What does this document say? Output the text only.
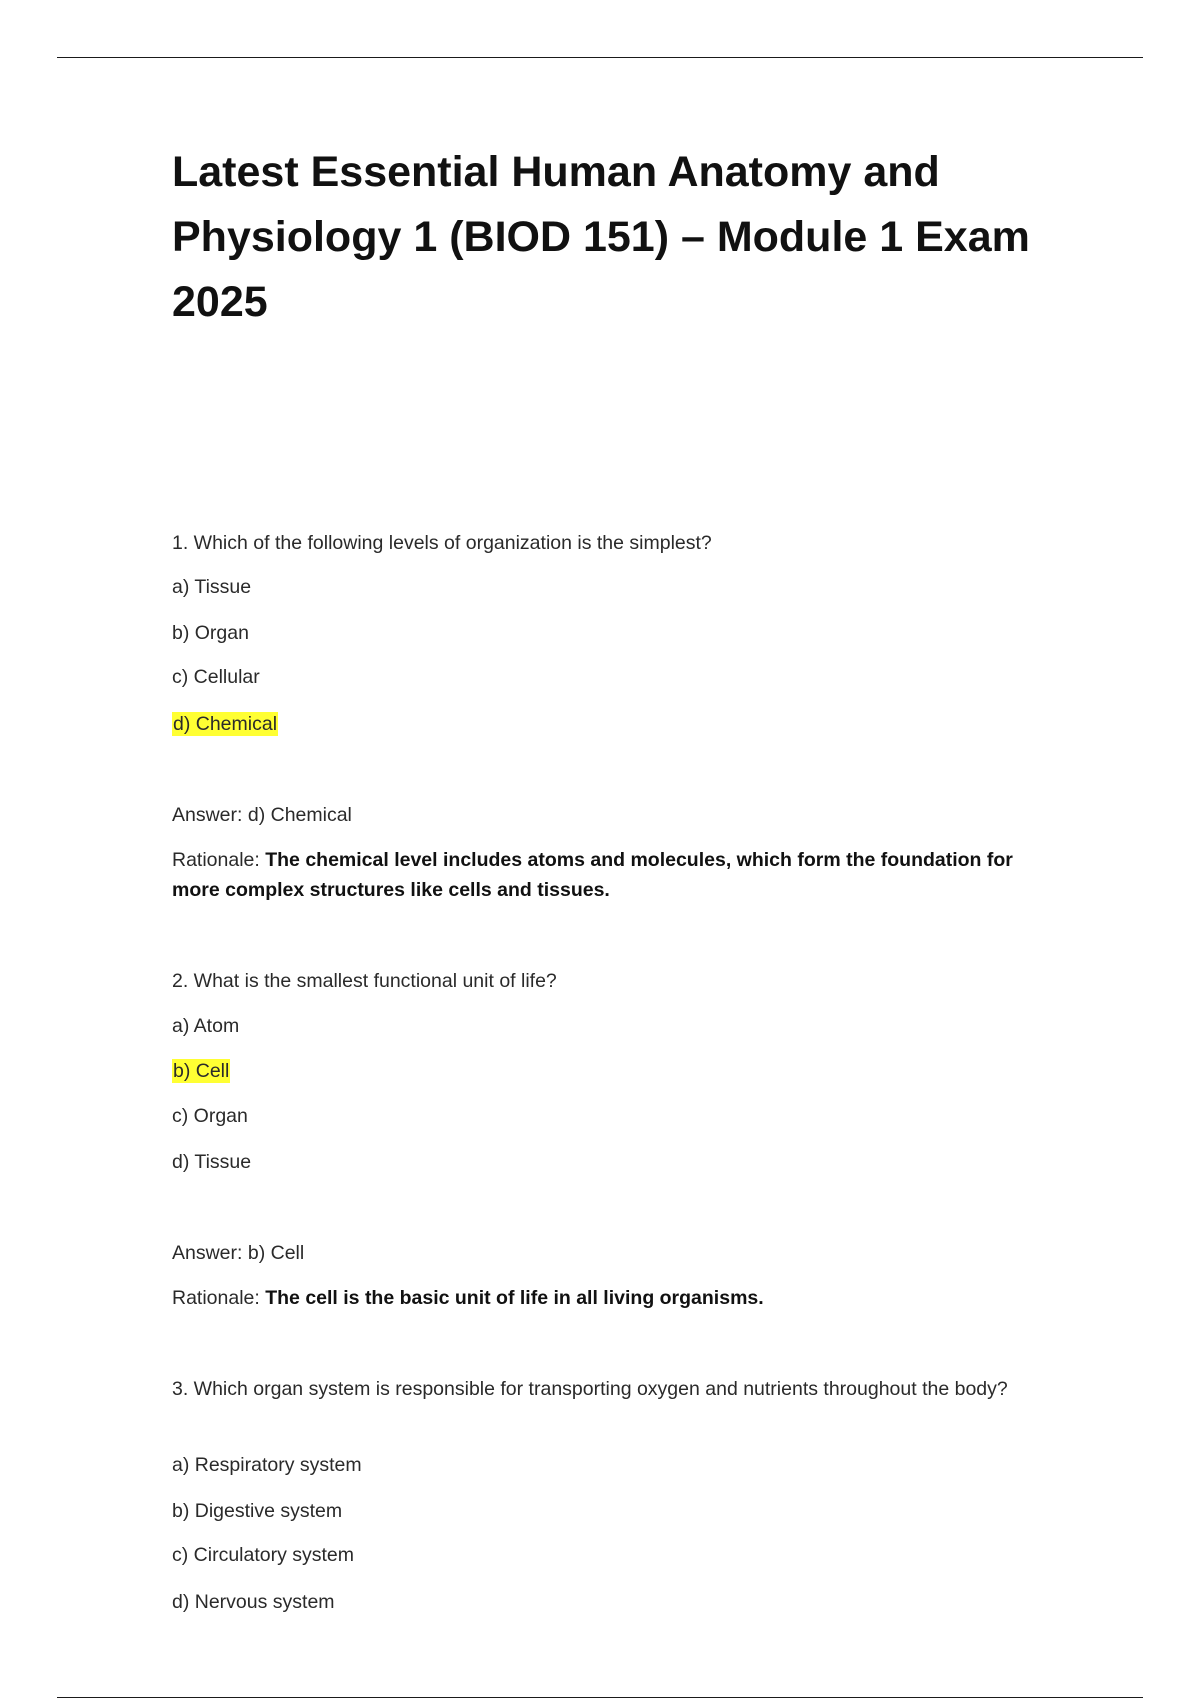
Latest Essential Human Anatomy and Physiology 1 (BIOD 151) – Module 1 Exam 2025

1. Which of the following levels of organization is the simplest?

a) Tissue

b) Organ

c) Cellular

d) Chemical

Answer: d) Chemical

Rationale: The chemical level includes atoms and molecules, which form the foundation for more complex structures like cells and tissues.

2. What is the smallest functional unit of life?

a) Atom

b) Cell

c) Organ

d) Tissue

Answer: b) Cell

Rationale: The cell is the basic unit of life in all living organisms.

3. Which organ system is responsible for transporting oxygen and nutrients throughout the body?

a) Respiratory system

b) Digestive system

c) Circulatory system

d) Nervous system
